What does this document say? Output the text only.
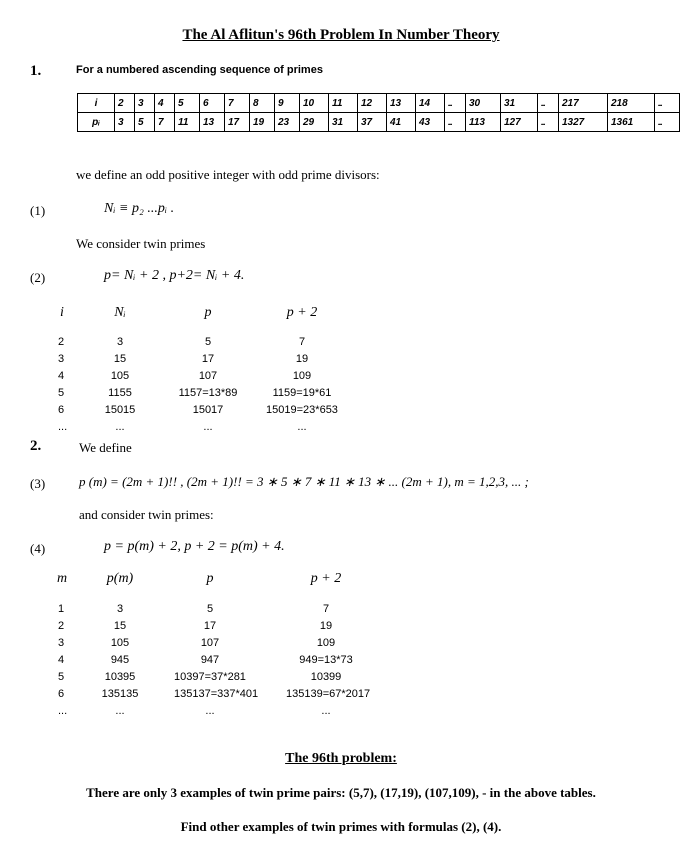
The Al Aflitun's 96th Problem In Number Theory
1.	For a numbered ascending sequence of primes
i	2	3	4	5	6	7	8	9	10	11	12	13	14	...	30	31	...	217	218	...
pᵢ	3	5	7	11	13	17	19	23	29	31	37	41	43	...	113	127	...	1327	1361	...
we define an odd positive integer with odd prime divisors:
(1)	Nᵢ ≡ p₂ ...pᵢ .
We consider twin primes
(2)	p= Nᵢ + 2 , p+2= Nᵢ + 4.
i	Nᵢ	p	p + 2
2	3	5	7
3	15	17	19
4	105	107	109
5	1155	1157=13*89	1159=19*61
6	15015	15017	15019=23*653
...	...	...	...
2.	We define
(3)	p (m) = (2m + 1)!! , (2m + 1)!! = 3 ∗ 5 ∗ 7 ∗ 11 ∗ 13 ∗ ... (2m + 1), m = 1,2,3, ... ;
and consider twin primes:
(4)	p = p(m) + 2, p + 2 = p(m) + 4.
m	p(m)	p	p + 2
1	3	5	7
2	15	17	19
3	105	107	109
4	945	947	949=13*73
5	10395	10397=37*281	10399
6	135135	135137=337*401	135139=67*2017
...	...	...	...
The 96th problem:
There are only 3 examples of twin prime pairs: (5,7), (17,19), (107,109), - in the above tables.
Find other examples of twin primes with formulas (2), (4).
